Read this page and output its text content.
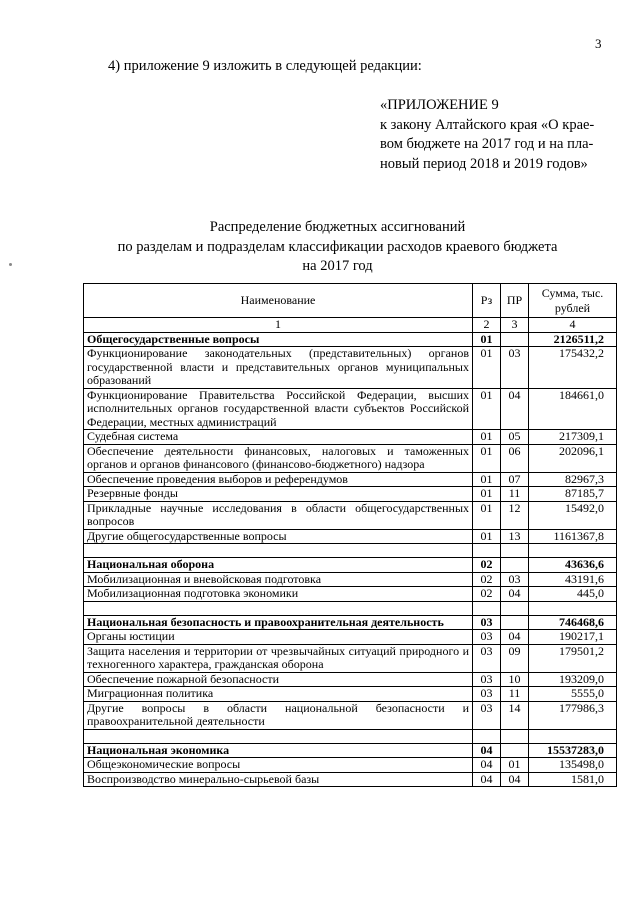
3
4) приложение 9 изложить в следующей редакции:
«ПРИЛОЖЕНИЕ 9
к закону Алтайского края «О крае-
вом бюджете на 2017 год и на пла-
новый период 2018 и 2019 годов»
Распределение бюджетных ассигнований
по разделам и подразделам классификации расходов краевого бюджета
на 2017 год
Наименование	Рз	ПР	Сумма, тыс. рублей
1	2	3	4
Общегосударственные вопросы	01		2126511,2
Функционирование законодательных (представительных) органов государственной власти и представительных органов муниципальных образований	01	03	175432,2
Функционирование Правительства Российской Федерации, высших исполнительных органов государственной власти субъектов Российской Федерации, местных администраций	01	04	184661,0
Судебная система	01	05	217309,1
Обеспечение деятельности финансовых, налоговых и таможенных органов и органов финансового (финансово-бюджетного) надзора	01	06	202096,1
Обеспечение проведения выборов и референдумов	01	07	82967,3
Резервные фонды	01	11	87185,7
Прикладные научные исследования в области общегосударственных вопросов	01	12	15492,0
Другие общегосударственные вопросы	01	13	1161367,8

Национальная оборона	02		43636,6
Мобилизационная и вневойсковая подготовка	02	03	43191,6
Мобилизационная подготовка экономики	02	04	445,0

Национальная безопасность и правоохранительная деятельность	03		746468,6
Органы юстиции	03	04	190217,1
Защита населения и территории от чрезвычайных ситуаций природного и техногенного характера, гражданская оборона	03	09	179501,2
Обеспечение пожарной безопасности	03	10	193209,0
Миграционная политика	03	11	5555,0
Другие вопросы в области национальной безопасности и правоохранительной деятельности	03	14	177986,3

Национальная экономика	04		15537283,0
Общеэкономические вопросы	04	01	135498,0
Воспроизводство минерально-сырьевой базы	04	04	1581,0
